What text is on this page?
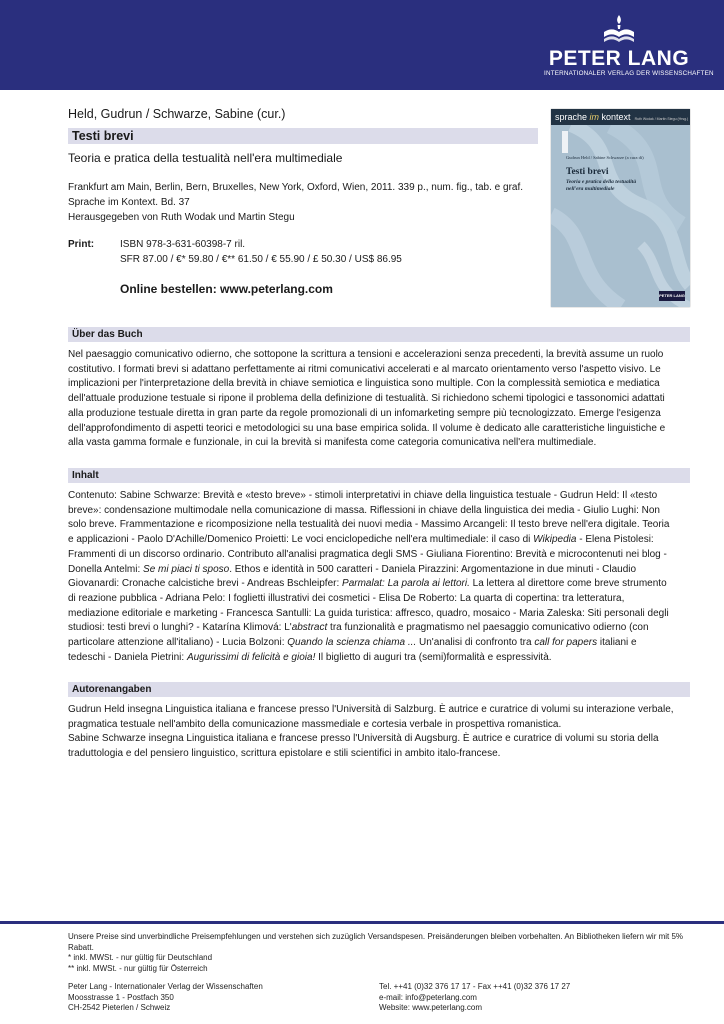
PETER LANG
INTERNATIONALER VERLAG DER WISSENSCHAFTEN
Held, Gudrun / Schwarze, Sabine (cur.)
Testi brevi
Teoria e pratica della testualità nell'era multimediale
Frankfurt am Main, Berlin, Bern, Bruxelles, New York, Oxford, Wien, 2011. 339 p., num. fig., tab. e graf.
Sprache im Kontext. Bd. 37
Herausgegeben von Ruth Wodak und Martin Stegu
Print:	ISBN 978-3-631-60398-7 ril.
SFR 87.00 / €* 59.80 / €** 61.50 / € 55.90 / £ 50.30 / US$ 86.95
Online bestellen: www.peterlang.com
sprache im kontext Ruth Wodak / Martin Stegu (Hrsg.)
Gudrun Held / Sabine Schwarze (a cura di)
Testi brevi
Teoria e pratica della testualità nell'era multimediale
PETER LANG
Über das Buch

Nel paesaggio comunicativo odierno, che sottopone la scrittura a tensioni e accelerazioni senza precedenti, la brevità assume un ruolo costitutivo. I formati brevi si adattano perfettamente ai ritmi comunicativi accelerati e al marcato orientamento verso l'aspetto visivo. Le implicazioni per l'interpretazione della brevità in chiave semiotica e linguistica sono multiple. Con la complessità semiotica e mediatica dell'attuale produzione testuale si ripone il problema della definizione di testualità. Si richiedono schemi tipologici e tassonomici adattati alla produzione testuale diretta in gran parte da regole promozionali di un infomarketing sempre più tecnologizzato. Emerge l'esigenza dell'approfondimento di aspetti teorici e metodologici su una base empirica solida. Il volume è dedicato alle caratteristiche linguistiche e alla vasta gamma formale e funzionale, in cui la brevità si manifesta come categoria comunicativa nell'era multimediale.

Inhalt

Contenuto: Sabine Schwarze: Brevità e «testo breve» - stimoli interpretativi in chiave della linguistica testuale - Gudrun Held: Il «testo breve»: condensazione multimodale nella comunicazione di massa. Riflessioni in chiave della linguistica dei media - Giulio Lughi: Non solo breve. Frammentazione e ricomposizione nella testualità dei nuovi media - Massimo Arcangeli: Il testo breve nell'era digitale. Teoria e applicazioni - Paolo D'Achille/Domenico Proietti: Le voci enciclopediche nell'era multimediale: il caso di Wikipedia - Elena Pistolesi: Frammenti di un discorso ordinario. Contributo all'analisi pragmatica degli SMS - Giuliana Fiorentino: Brevità e microcontenuti nei blog - Donella Antelmi: Se mi piaci ti sposo. Ethos e identità in 500 caratteri - Daniela Pirazzini: Argomentazione in due minuti - Claudio Giovanardi: Cronache calcistiche brevi - Andreas Bschleipfer: Parmalat: La parola ai lettori. La lettera al direttore come breve strumento di reazione pubblica - Adriana Pelo: I foglietti illustrativi dei cosmetici - Elisa De Roberto: La quarta di copertina: tra letteratura, mediazione editoriale e marketing - Francesca Santulli: La guida turistica: affresco, quadro, mosaico - Maria Zaleska: Siti personali degli studiosi: testi brevi o lunghi? - Katarína Klimová: L'abstract tra funzionalità e pragmatismo nel paesaggio comunicativo odierno (con particolare attenzione all'italiano) - Lucia Bolzoni: Quando la scienza chiama ... Un'analisi di confronto tra call for papers italiani e tedeschi - Daniela Pietrini: Augurissimi di felicità e gioia! Il biglietto di auguri tra (semi)formalità e espressività.

Autorenangaben

Gudrun Held insegna Linguistica italiana e francese presso l'Università di Salzburg. È autrice e curatrice di volumi su interazione verbale, pragmatica testuale nell'ambito della comunicazione massmediale e cortesia verbale in prospettiva romanistica.

Sabine Schwarze insegna Linguistica italiana e francese presso l'Università di Augsburg. È autrice e curatrice di volumi su storia della traduttologia e del pensiero linguistico, scrittura epistolare e stili scientifici in ambito italo-francese.

Unsere Preise sind unverbindliche Preisempfehlungen und verstehen sich zuzüglich Versandspesen. Preisänderungen bleiben vorbehalten. An Bibliotheken liefern wir mit 5% Rabatt.
* inkl. MWSt. - nur gültig für Deutschland
** inkl. MWSt. - nur gültig für Österreich
Peter Lang - Internationaler Verlag der Wissenschaften
Moosstrasse 1 - Postfach 350
CH-2542 Pieterlen / Schweiz
Tel. ++41 (0)32 376 17 17 - Fax ++41 (0)32 376 17 27
e-mail: info@peterlang.com
Website: www.peterlang.com
